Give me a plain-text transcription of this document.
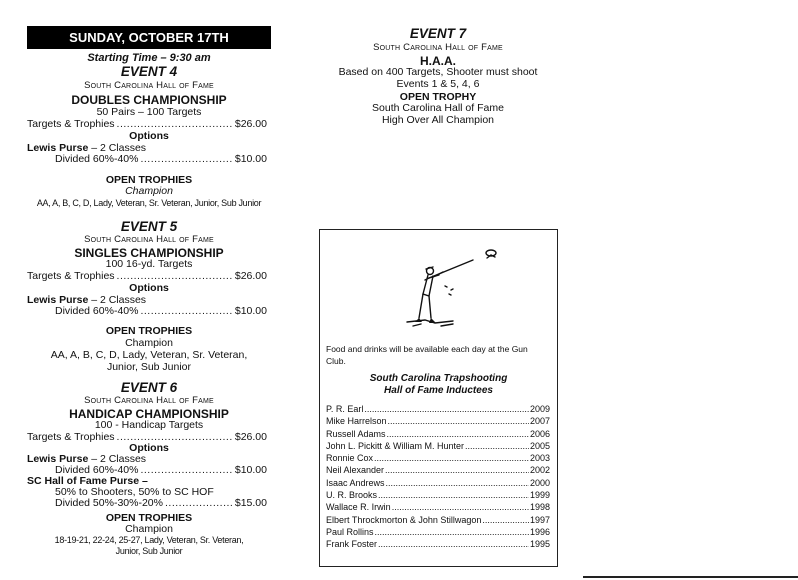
SUNDAY, OCTOBER 17TH
Starting Time – 9:30 am
EVENT 4
South Carolina Hall of Fame
DOUBLES CHAMPIONSHIP
50 Pairs – 100 Targets
Targets & Trophies .....	$26.00
Options
Lewis Purse – 2 Classes
Divided 60%-40% .....	$10.00
OPEN TROPHIES
Champion
AA, A, B, C, D, Lady, Veteran, Sr. Veteran, Junior, Sub Junior
EVENT 5
South Carolina Hall of Fame
SINGLES CHAMPIONSHIP
100 16-yd. Targets
Targets & Trophies .....	$26.00
Options
Lewis Purse – 2 Classes
Divided 60%-40% .....	$10.00
OPEN TROPHIES
Champion
AA, A, B, C, D, Lady, Veteran, Sr. Veteran,
Junior, Sub Junior
EVENT 6
South Carolina Hall of Fame
HANDICAP CHAMPIONSHIP
100 - Handicap Targets
Targets & Trophies .....	$26.00
Options
Lewis Purse – 2 Classes
Divided 60%-40% .....	$10.00
SC Hall of Fame Purse –
50% to Shooters, 50% to SC HOF
Divided 50%-30%-20% .....	$15.00
OPEN TROPHIES
Champion
18-19-21, 22-24, 25-27, Lady, Veteran, Sr. Veteran,
Junior, Sub Junior
EVENT 7
South Carolina Hall of Fame
H.A.A.
Based on 400 Targets, Shooter must shoot
Events 1 & 5, 4, 6
OPEN TROPHY
South Carolina Hall of Fame
High Over All Champion
Food and drinks will be available each day at the Gun
Club.
South Carolina Trapshooting
Hall of Fame Inductees
P. R. Earl .....	2009
Mike Harrelson .....	2007
Russell Adams .....	2006
John L. Pickitt & William M. Hunter .....	2005
Ronnie Cox .....	2003
Neil Alexander .....	2002
Isaac Andrews .....	2000
U. R. Brooks .....	1999
Wallace R. Irwin .....	1998
Elbert Throckmorton & John Stillwagon .....	1997
Paul Rollins .....	1996
Frank Foster .....	1995
